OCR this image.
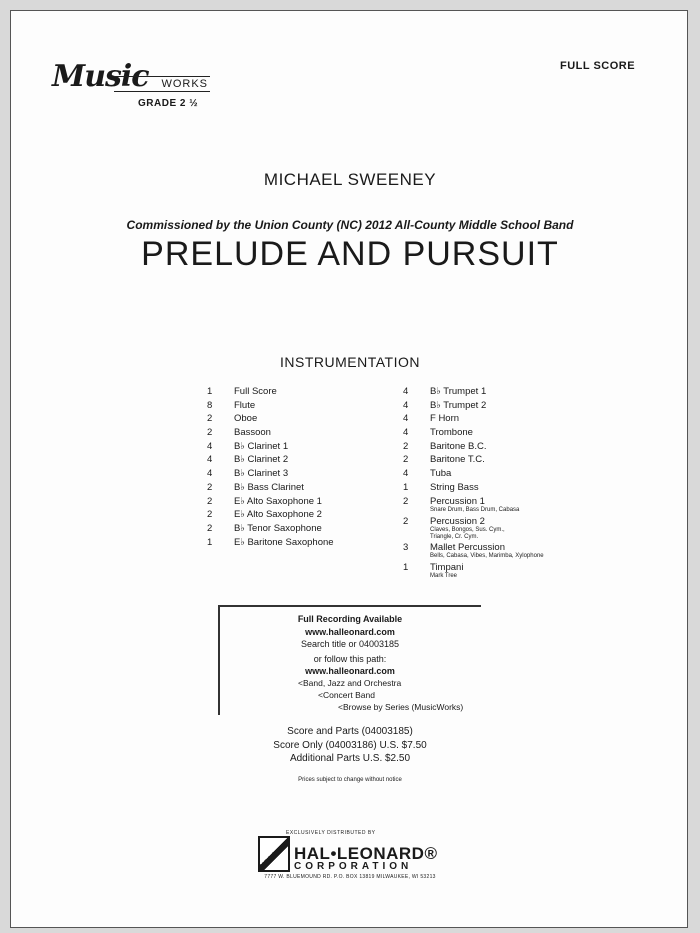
Music	WORKS
GRADE 2 ½
FULL SCORE
MICHAEL SWEENEY
Commissioned by the Union County (NC) 2012 All-County Middle School Band
PRELUDE AND PURSUIT
INSTRUMENTATION
1	Full Score
8	Flute
2	Oboe
2	Bassoon
4	B♭ Clarinet 1
4	B♭ Clarinet 2
4	B♭ Clarinet 3
2	B♭ Bass Clarinet
2	E♭ Alto Saxophone 1
2	E♭ Alto Saxophone 2
2	B♭ Tenor Saxophone
1	E♭ Baritone Saxophone
4	B♭ Trumpet 1
4	B♭ Trumpet 2
4	F Horn
4	Trombone
2	Baritone B.C.
2	Baritone T.C.
4	Tuba
1	String Bass
2	Percussion 1
Snare Drum, Bass Drum, Cabasa
2	Percussion 2
Claves, Bongos, Sus. Cym.,
Triangle, Cr. Cym.
3	Mallet Percussion
Bells, Cabasa, Vibes, Marimba, Xylophone
1	Timpani
Mark Tree
Full Recording Available
www.halleonard.com
Search title or 04003185
or follow this path:
www.halleonard.com
<Band, Jazz and Orchestra
<Concert Band
<Browse by Series (MusicWorks)
Score and Parts (04003185)
Score Only (04003186) U.S. $7.50
Additional Parts U.S. $2.50
Prices subject to change without notice
EXCLUSIVELY DISTRIBUTED BY
HAL•LEONARD®
CORPORATION
7777 W. BLUEMOUND RD. P.O. BOX 13819 MILWAUKEE, WI 53213
